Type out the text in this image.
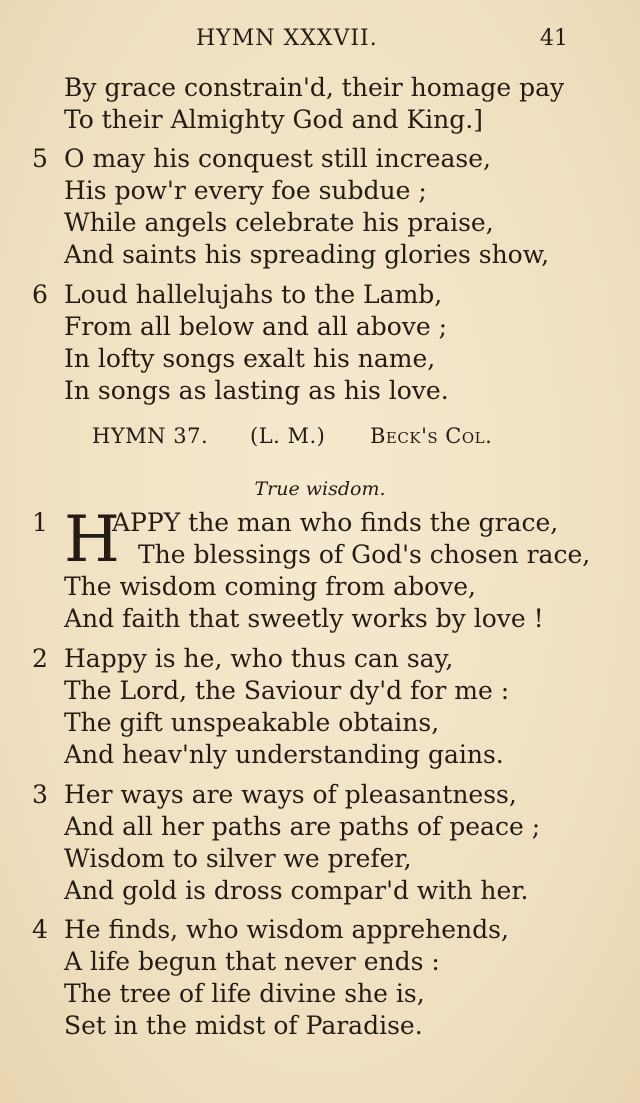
HYMN XXXVII.	41
By grace constrain'd, their homage pay
To their Almighty God and King.]
5 O may his conquest still increase,
His pow'r every foe subdue ;
While angels celebrate his praise,
And saints his spreading glories show,
6 Loud hallelujahs to the Lamb,
From all below and all above ;
In lofty songs exalt his name,
In songs as lasting as his love.
HYMN 37. (L. M.) Beck's Col.
True wisdom.
H
1	APPY the man who finds the grace,
The blessings of God's chosen race,
The wisdom coming from above,
And faith that sweetly works by love !
2 Happy is he, who thus can say,
The Lord, the Saviour dy'd for me :
The gift unspeakable obtains,
And heav'nly understanding gains.
3 Her ways are ways of pleasantness,
And all her paths are paths of peace ;
Wisdom to silver we prefer,
And gold is dross compar'd with her.
4 He finds, who wisdom apprehends,
A life begun that never ends :
The tree of life divine she is,
Set in the midst of Paradise.
